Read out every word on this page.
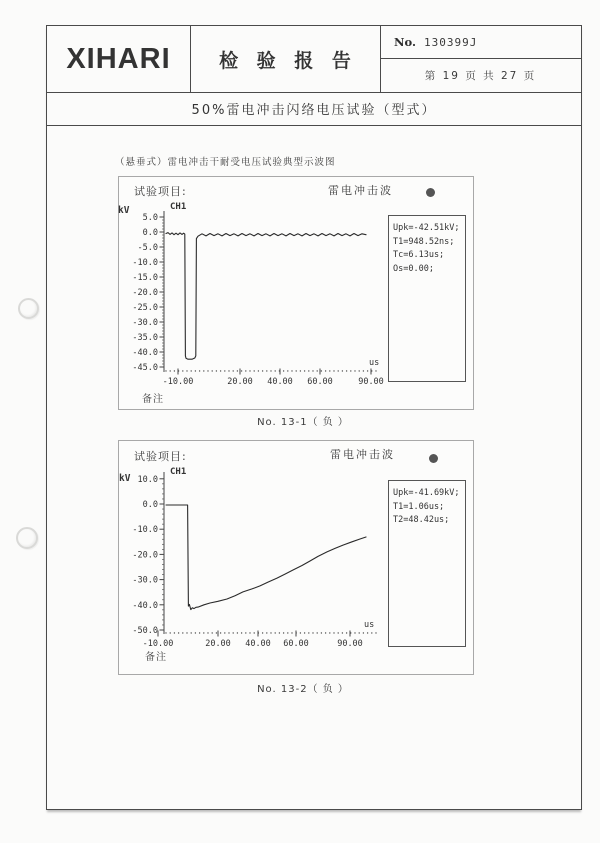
XIHARI	检 验 报 告
No. 130399J
第 19 页 共 27 页
50%雷电冲击闪络电压试验（型式）
（悬垂式）雷电冲击干耐受电压试验典型示波图
试验项目:	雷电冲击波
kV	CH1
5.0
0.0
-5.0
-10.0
-15.0
-20.0
-25.0
-30.0
-35.0
-40.0
-45.0
-10.00	20.00 40.00 60.00	90.00
us
Upk=-42.51kV;
T1=948.52ns;
Tc=6.13us;
Os=0.00;
备注
No. 13-1（ 负 ）
试验项目:	雷电冲击波
kV
CH1
10.0
0.0
-10.0
-20.0
-30.0
-40.0
-50.0
-10.00	20.00 40.00 60.00	90.00
us
Upk=-41.69kV;
T1=1.06us;
T2=48.42us;
备注
No. 13-2（ 负 ）
